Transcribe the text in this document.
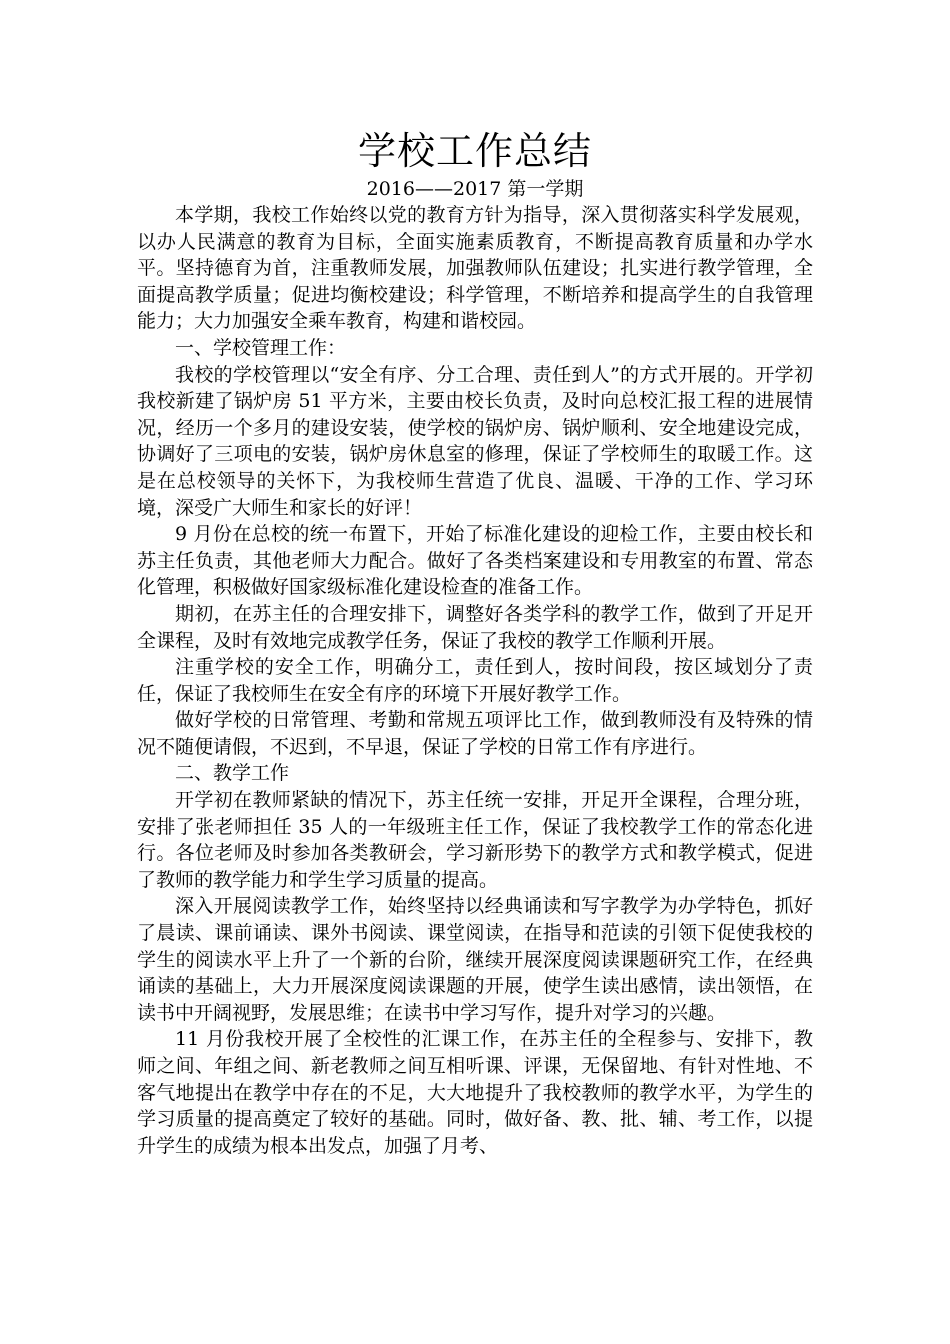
学校工作总结

2016——2017 第一学期

本学期，我校工作始终以党的教育方针为指导，深入贯彻落实科学发展观，以办人民满意的教育为目标，全面实施素质教育，不断提高教育质量和办学水平。坚持德育为首，注重教师发展，加强教师队伍建设；扎实进行教学管理，全面提高教学质量；促进均衡校建设；科学管理，不断培养和提高学生的自我管理能力；大力加强安全乘车教育，构建和谐校园。

一、学校管理工作：

我校的学校管理以“安全有序、分工合理、责任到人”的方式开展的。开学初我校新建了锅炉房 51 平方米，主要由校长负责，及时向总校汇报工程的进展情况，经历一个多月的建设安装，使学校的锅炉房、锅炉顺利、安全地建设完成，协调好了三项电的安装，锅炉房休息室的修理，保证了学校师生的取暖工作。这是在总校领导的关怀下，为我校师生营造了优良、温暖、干净的工作、学习环境，深受广大师生和家长的好评！

9 月份在总校的统一布置下，开始了标准化建设的迎检工作，主要由校长和苏主任负责，其他老师大力配合。做好了各类档案建设和专用教室的布置、常态化管理，积极做好国家级标准化建设检查的准备工作。

期初，在苏主任的合理安排下，调整好各类学科的教学工作，做到了开足开全课程，及时有效地完成教学任务，保证了我校的教学工作顺利开展。

注重学校的安全工作，明确分工，责任到人，按时间段，按区域划分了责任，保证了我校师生在安全有序的环境下开展好教学工作。

做好学校的日常管理、考勤和常规五项评比工作，做到教师没有及特殊的情况不随便请假，不迟到，不早退，保证了学校的日常工作有序进行。

二、教学工作

开学初在教师紧缺的情况下，苏主任统一安排，开足开全课程，合理分班，安排了张老师担任 35 人的一年级班主任工作，保证了我校教学工作的常态化进行。各位老师及时参加各类教研会，学习新形势下的教学方式和教学模式，促进了教师的教学能力和学生学习质量的提高。

深入开展阅读教学工作，始终坚持以经典诵读和写字教学为办学特色，抓好了晨读、课前诵读、课外书阅读、课堂阅读，在指导和范读的引领下促使我校的学生的阅读水平上升了一个新的台阶，继续开展深度阅读课题研究工作，在经典诵读的基础上，大力开展深度阅读课题的开展，使学生读出感情，读出领悟，在读书中开阔视野，发展思维；在读书中学习写作，提升对学习的兴趣。

11 月份我校开展了全校性的汇课工作，在苏主任的全程参与、安排下，教师之间、年组之间、新老教师之间互相听课、评课，无保留地、有针对性地、不客气地提出在教学中存在的不足，大大地提升了我校教师的教学水平，为学生的学习质量的提高奠定了较好的基础。同时，做好备、教、批、辅、考工作，以提升学生的成绩为根本出发点，加强了月考、
